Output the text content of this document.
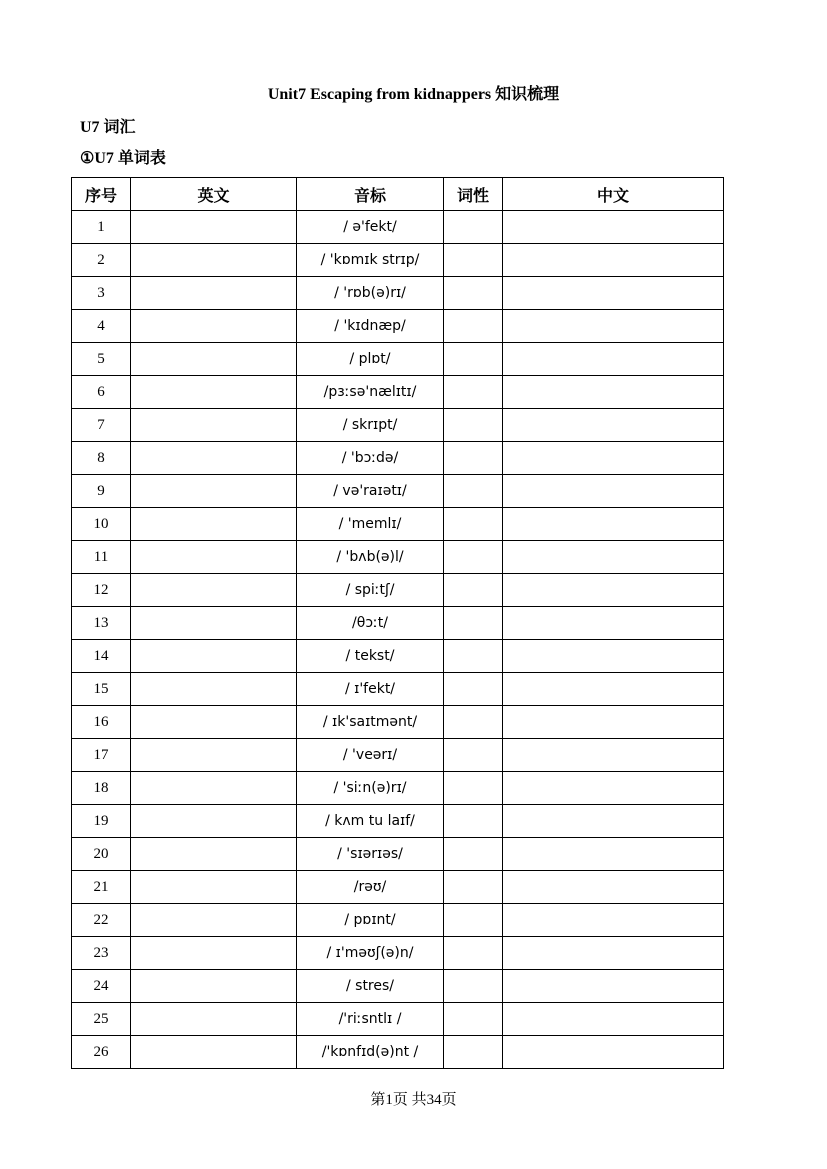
Unit7 Escaping from kidnappers 知识梳理
U7 词汇
①U7 单词表
序号	英文	音标	词性	中文
1		/ ə'fekt/		
2		/ 'kɒmɪk strɪp/		
3		/ 'rɒb(ə)rɪ/		
4		/ 'kɪdnæp/		
5		/ plɒt/		
6		/pɜːsə'nælɪtɪ/		
7		/ skrɪpt/		
8		/ 'bɔːdə/		
9		/ və'raɪətɪ/		
10		/ 'memlɪ/		
11		/ 'bʌb(ə)l/		
12		/ spiːtʃ/		
13		/θɔːt/		
14		/ tekst/		
15		/ ɪ'fekt/		
16		/ ɪk'saɪtmənt/		
17		/ 'veərɪ/		
18		/ 'siːn(ə)rɪ/		
19		/ kʌm tu laɪf/		
20		/ 'sɪərɪəs/		
21		/rəʊ/		
22		/ pɒɪnt/		
23		/ ɪ'məʊʃ(ə)n/		
24		/ stres/		
25		/'riːsntlɪ /		
26		/'kɒnfɪd(ə)nt /		
第1页 共34页
